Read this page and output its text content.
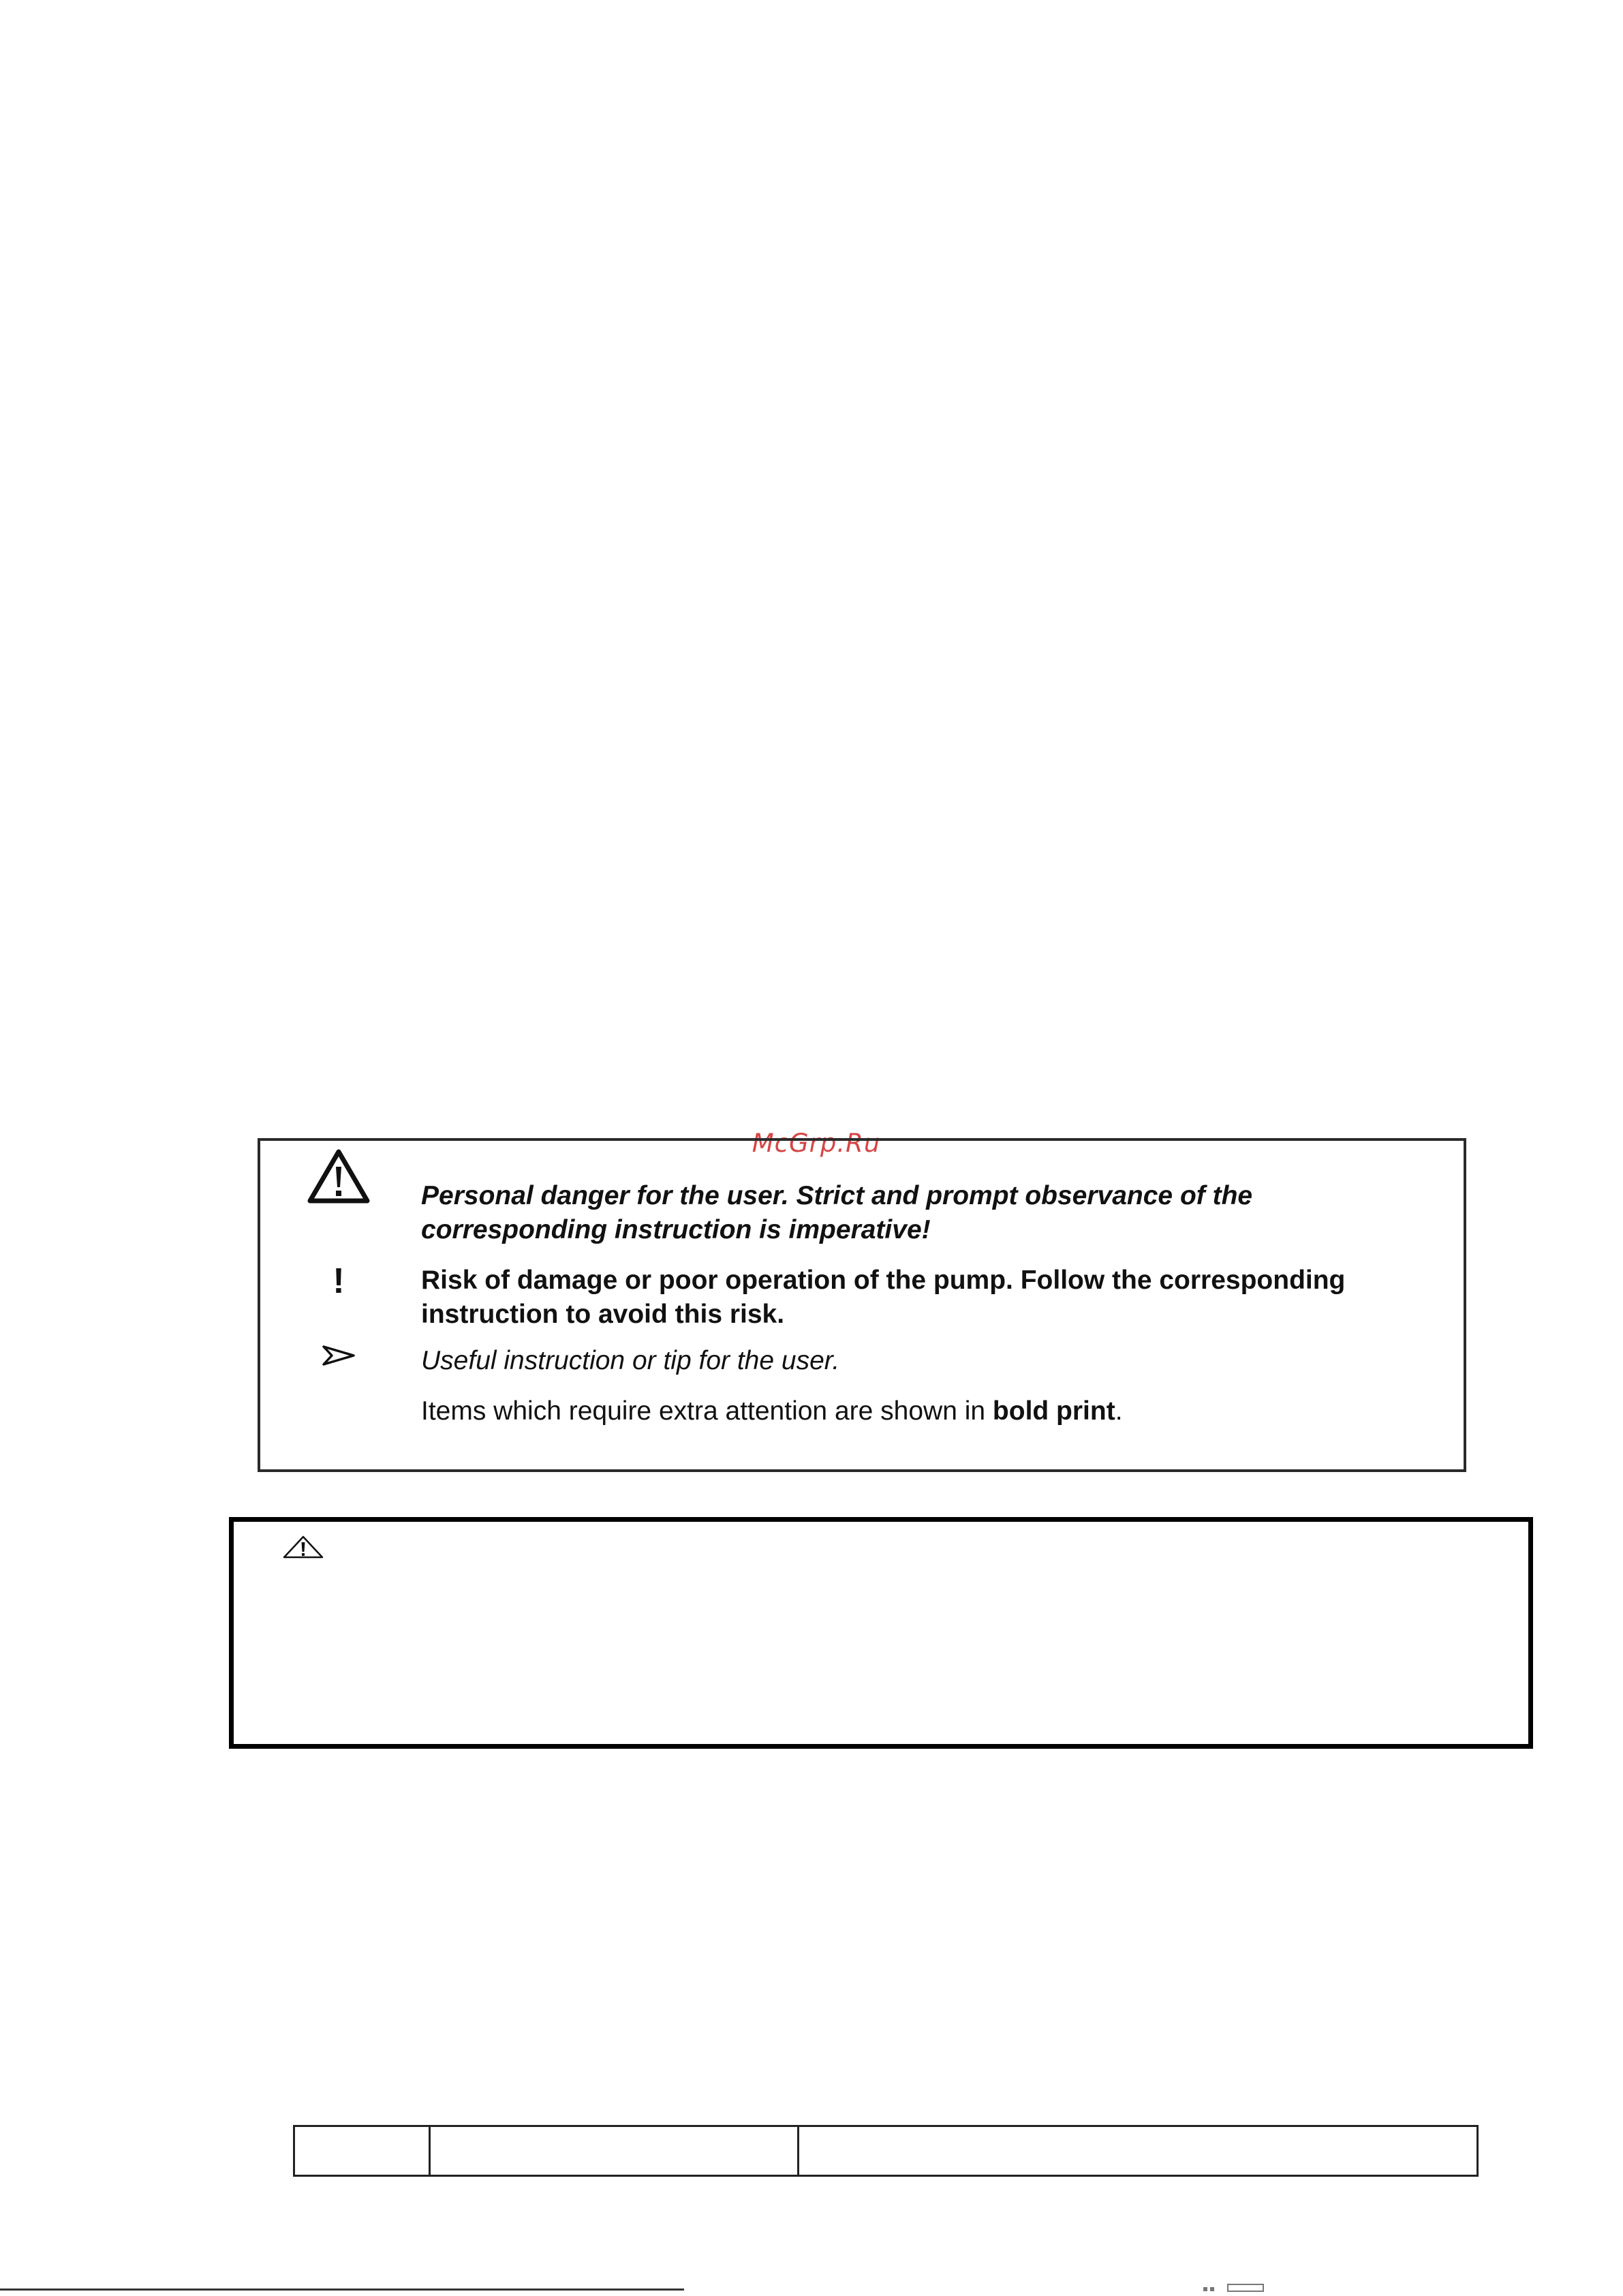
McGrp.Ru
Personal danger for the user. Strict and prompt observance of the corresponding instruction is imperative!
!	Risk of damage or poor operation of the pump. Follow the corresponding instruction to avoid this risk.
Useful instruction or tip for the user.
Items which require extra attention are shown in bold print.
